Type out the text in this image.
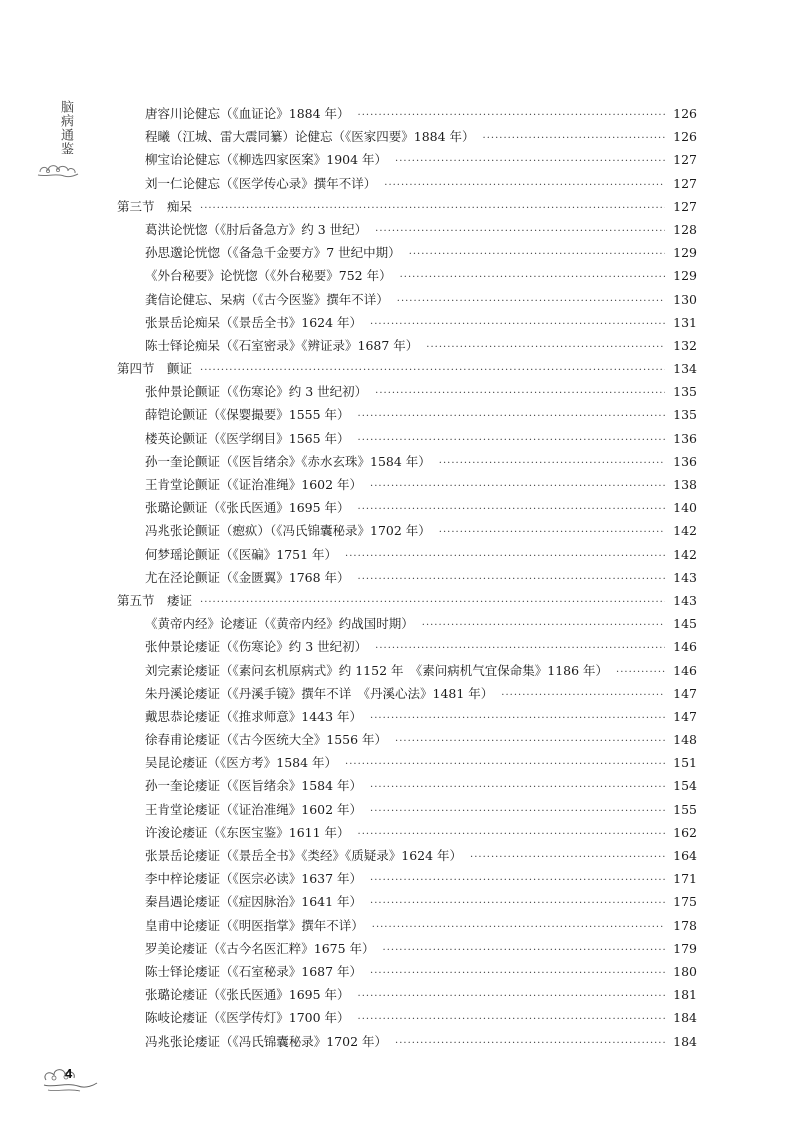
脑病通鉴	唐容川论健忘（《血证论》1884 年） ·····	126
程曦（江城、雷大震同纂）论健忘（《医家四要》1884 年） ·····	126
柳宝诒论健忘（《柳选四家医案》1904 年） ·····	127
刘一仁论健忘（《医学传心录》撰年不详） ·····	127
第三节　痴呆 ·····	127
葛洪论恍惚（《肘后备急方》约 3 世纪） ·····	128
孙思邈论恍惚（《备急千金要方》7 世纪中期） ·····	129
《外台秘要》论恍惚（《外台秘要》752 年） ·····	129
龚信论健忘、呆病（《古今医鉴》撰年不详） ·····	130
张景岳论痴呆（《景岳全书》1624 年） ·····	131
陈士铎论痴呆（《石室密录》《辨证录》1687 年） ·····	132
第四节　颤证 ·····	134
张仲景论颤证（《伤寒论》约 3 世纪初） ·····	135
薛铠论颤证（《保婴撮要》1555 年） ·····	135
楼英论颤证（《医学纲目》1565 年） ·····	136
孙一奎论颤证（《医旨绪余》《赤水玄珠》1584 年） ·····	136
王肯堂论颤证（《证治准绳》1602 年） ·····	138
张璐论颤证（《张氏医通》1695 年） ·····	140
冯兆张论颤证（瘛疭）（《冯氏锦囊秘录》1702 年） ·····	142
何梦瑶论颤证（《医碥》1751 年） ·····	142
尤在泾论颤证（《金匮翼》1768 年） ·····	143
第五节　痿证 ·····	143
《黄帝内经》论痿证（《黄帝内经》约战国时期） ·····	145
张仲景论痿证（《伤寒论》约 3 世纪初） ·····	146
刘完素论痿证（《素问玄机原病式》约 1152 年　《素问病机气宜保命集》1186 年） ·····	146
朱丹溪论痿证（《丹溪手镜》撰年不详　《丹溪心法》1481 年） ·····	147
戴思恭论痿证（《推求师意》1443 年） ·····	147
徐春甫论痿证（《古今医统大全》1556 年） ·····	148
吴昆论痿证（《医方考》1584 年） ·····	151
孙一奎论痿证（《医旨绪余》1584 年） ·····	154
王肯堂论痿证（《证治准绳》1602 年） ·····	155
许浚论痿证（《东医宝鉴》1611 年） ·····	162
张景岳论痿证（《景岳全书》《类经》《质疑录》1624 年） ·····	164
李中梓论痿证（《医宗必读》1637 年） ·····	171
秦昌遇论痿证（《症因脉治》1641 年） ·····	175
皇甫中论痿证（《明医指掌》撰年不详） ·····	178
罗美论痿证（《古今名医汇粹》1675 年） ·····	179
陈士铎论痿证（《石室秘录》1687 年） ·····	180
张璐论痿证（《张氏医通》1695 年） ·····	181
陈岐论痿证（《医学传灯》1700 年） ·····	184
冯兆张论痿证（《冯氏锦囊秘录》1702 年） ·····	184
4
